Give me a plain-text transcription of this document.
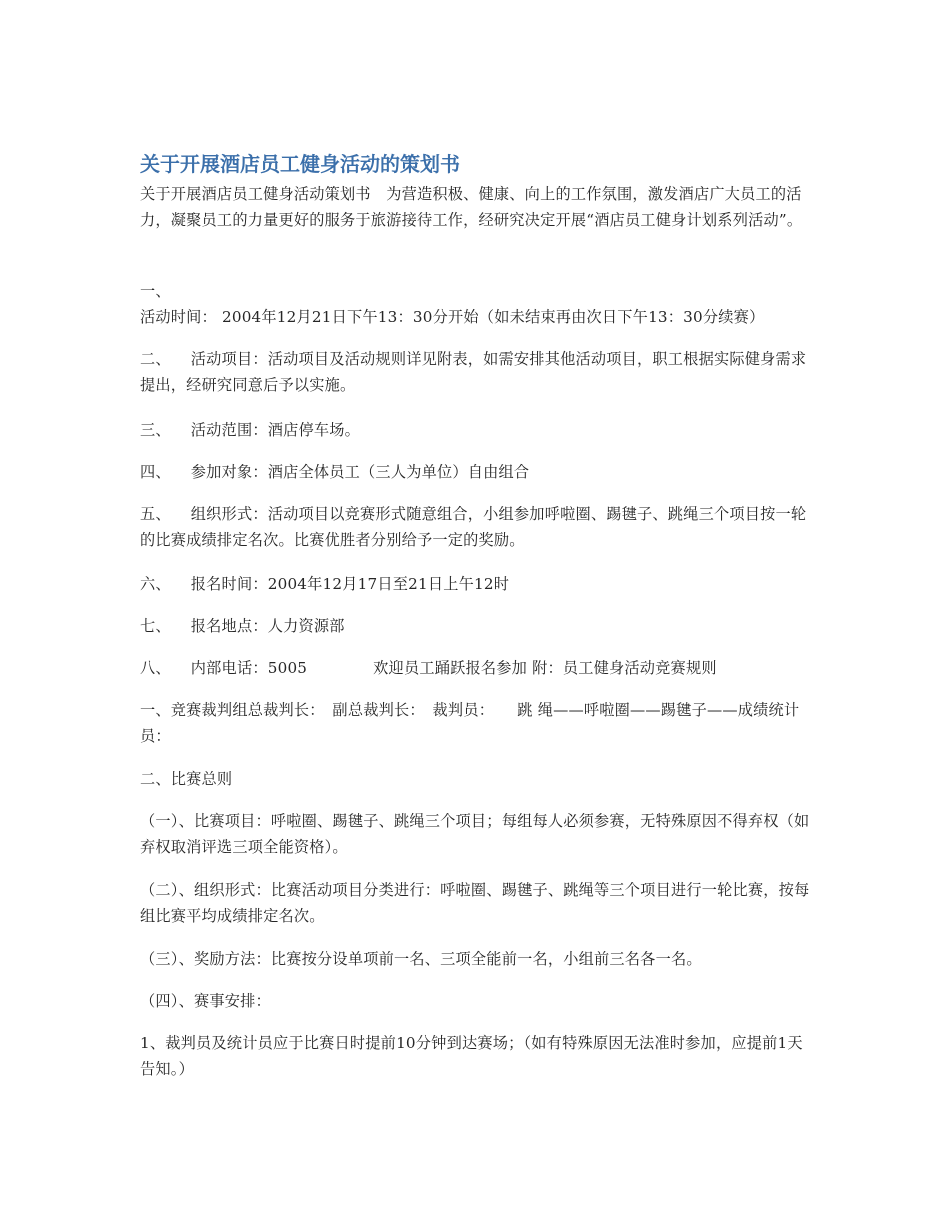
关于开展酒店员工健身活动的策划书
关于开展酒店员工健身活动策划书　为营造积极、健康、向上的工作氛围，激发酒店广大员工的活力，凝聚员工的力量更好的服务于旅游接待工作，经研究决定开展“酒店员工健身计划系列活动”。
一、活动时间： 2004年12月21日下午13：30分开始（如未结束再由次日下午13：30分续赛）
二、 活动项目：活动项目及活动规则详见附表，如需安排其他活动项目，职工根据实际健身需求提出，经研究同意后予以实施。
三、 活动范围：酒店停车场。
四、 参加对象：酒店全体员工（三人为单位）自由组合
五、 组织形式：活动项目以竞赛形式随意组合，小组参加呼啦圈、踢毽子、跳绳三个项目按一轮的比赛成绩排定名次。比赛优胜者分别给予一定的奖励。
六、 报名时间：2004年12月17日至21日上午12时
七、 报名地点：人力资源部
八、 内部电话：5005	欢迎员工踊跃报名参加 附：员工健身活动竞赛规则
一、竞赛裁判组总裁判长：　副总裁判长：　裁判员：　　跳 绳——呼啦圈——踢毽子——成绩统计员：
二、比赛总则
（一）、比赛项目：呼啦圈、踢毽子、跳绳三个项目；每组每人必须参赛，无特殊原因不得弃权（如弃权取消评选三项全能资格）。
（二）、组织形式：比赛活动项目分类进行：呼啦圈、踢毽子、跳绳等三个项目进行一轮比赛，按每组比赛平均成绩排定名次。
（三）、奖励方法：比赛按分设单项前一名、三项全能前一名，小组前三名各一名。
（四）、赛事安排：
1、裁判员及统计员应于比赛日时提前10分钟到达赛场；（如有特殊原因无法准时参加，应提前1天告知。）
